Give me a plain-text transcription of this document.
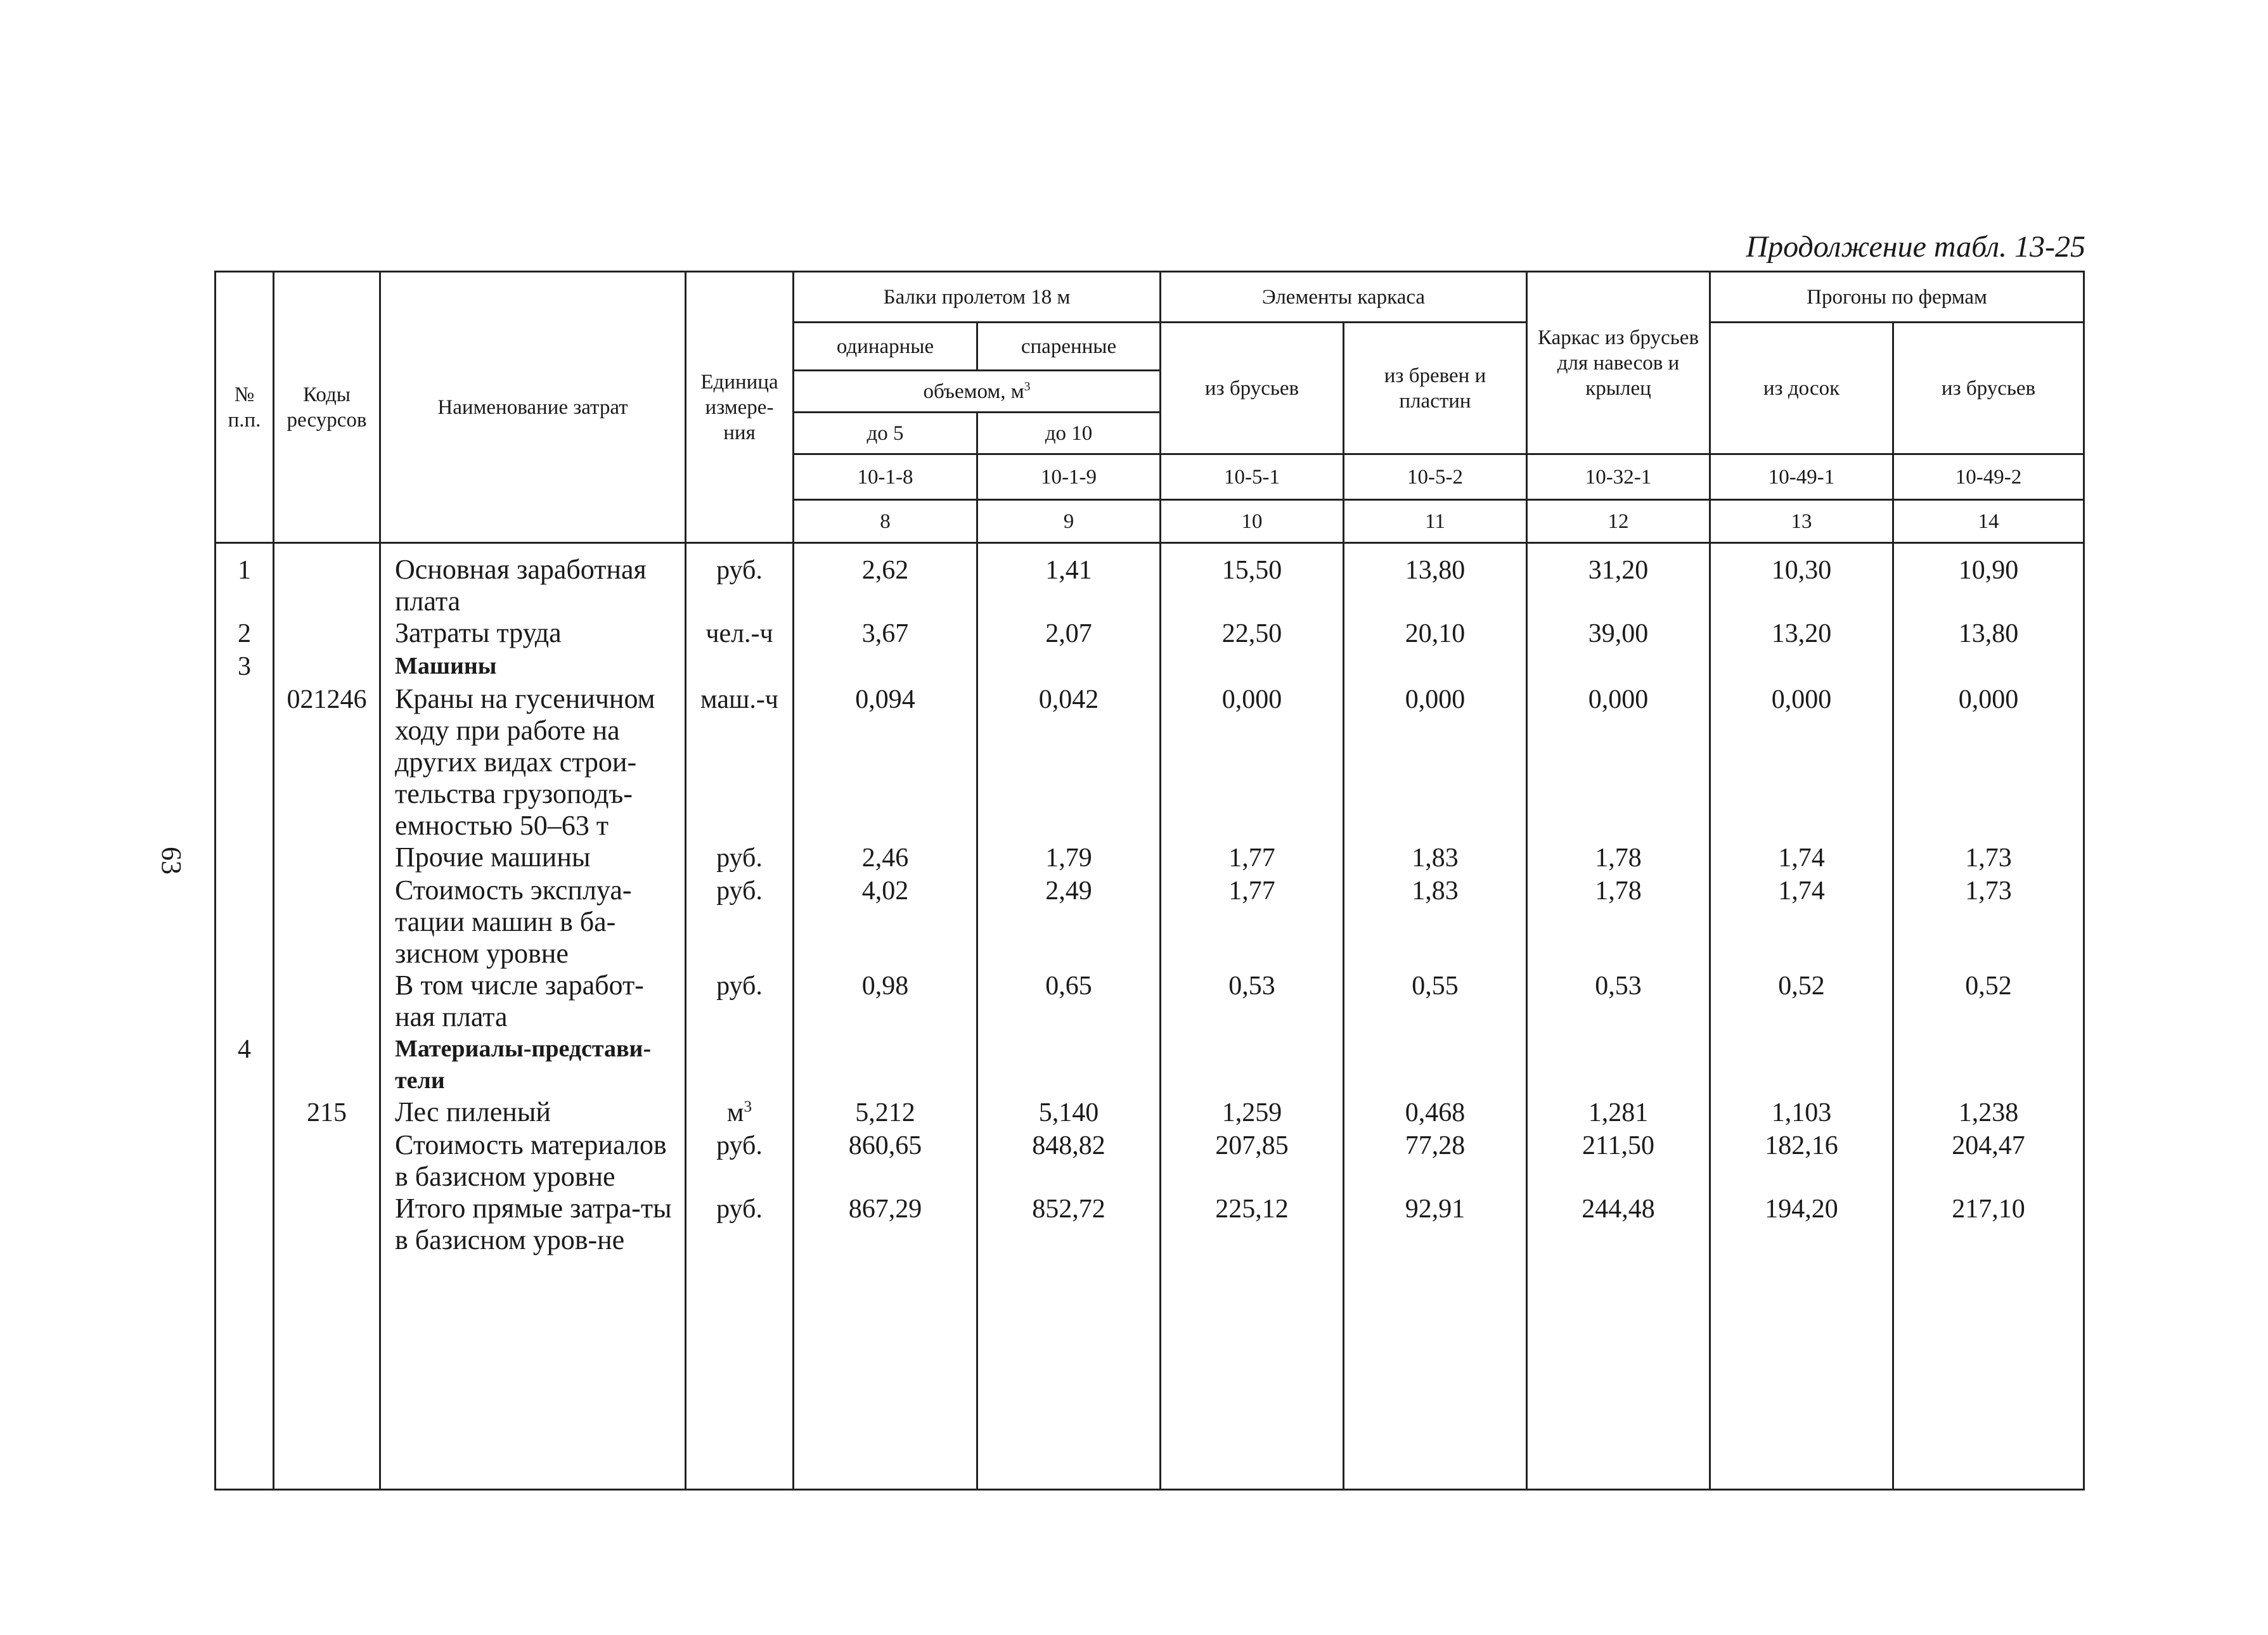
Продолжение табл. 13-25
63
№ п.п.	Коды ресурсов	Наименование затрат	Единица измере-ния	Балки пролетом 18 м		Элементы каркаса		Каркас из брусьев для навесов и крылец	Прогоны по фермам	
				одинарные	спаренные	из брусьев	из бревен и пластин		из досок	из брусьев
				объемом, $м^3$
				до 5	до 10					
				10-1-8	10-1-9	10-5-1	10-5-2	10-32-1	10-49-1	10-49-2
				8	9	10	11	12	13	14
1		Основная заработная плата	руб.	2,62	1,41	15,50	13,80	31,20	10,30	10,90
2		Затраты труда	чел.-ч	3,67	2,07	22,50	20,10	39,00	13,20	13,80
3		Машины								
	021246	Краны на гусеничном ходу при работе на других видах строи-тельства грузоподъ-емностью 50–63 т	маш.-ч	0,094	0,042	0,000	0,000	0,000	0,000	0,000
		Прочие машины	руб.	2,46	1,79	1,77	1,83	1,78	1,74	1,73
		Стоимость эксплуа-тации машин в ба-зисном уровне	руб.	4,02	2,49	1,77	1,83	1,78	1,74	1,73
		В том числе заработ-ная плата	руб.	0,98	0,65	0,53	0,55	0,53	0,52	0,52
4		Материалы-представи-тели								
	215	Лес пиленый	$м^3$	5,212	5,140	1,259	0,468	1,281	1,103	1,238
		Стоимость материалов в базисном уровне	руб.	860,65	848,82	207,85	77,28	211,50	182,16	204,47
		Итого прямые затра-ты в базисном уров-не	руб.	867,29	852,72	225,12	92,91	244,48	194,20	217,10
